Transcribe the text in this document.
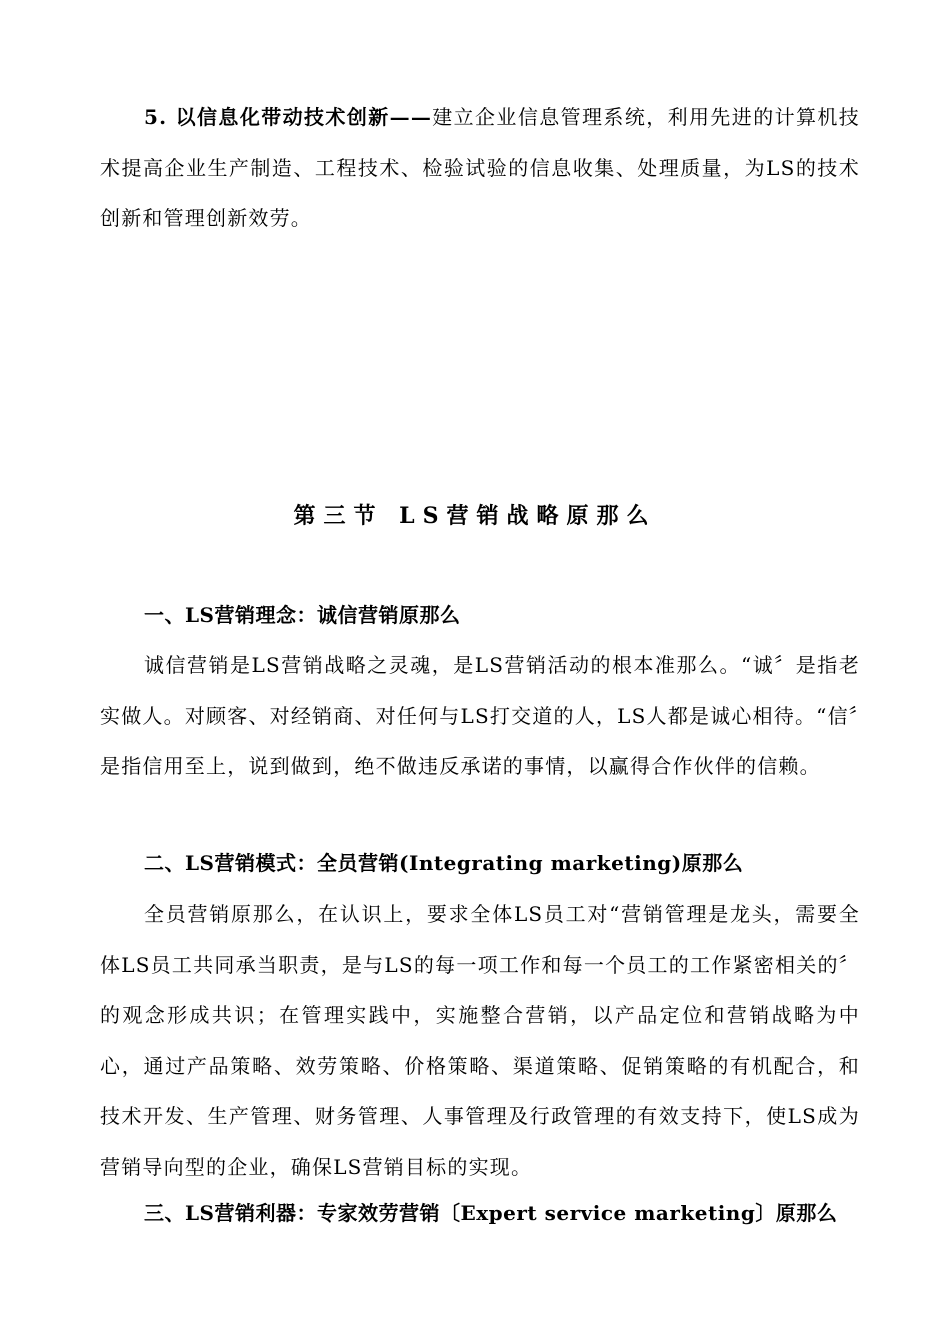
5. 以信息化带动技术创新——建立企业信息管理系统，利用先进的计算机技术提高企业生产制造、工程技术、检验试验的信息收集、处理质量，为LS的技术创新和管理创新效劳。

第三节 LS营销战略原那么
一、LS营销理念：诚信营销原那么

诚信营销是LS营销战略之灵魂，是LS营销活动的根本准那么。“诚〞是指老实做人。对顾客、对经销商、对任何与LS打交道的人，LS人都是诚心相待。“信〞是指信用至上，说到做到，绝不做违反承诺的事情，以赢得合作伙伴的信赖。

二、LS营销模式：全员营销(Integrating marketing)原那么

全员营销原那么，在认识上，要求全体LS员工对“营销管理是龙头，需要全体LS员工共同承当职责，是与LS的每一项工作和每一个员工的工作紧密相关的〞的观念形成共识；在管理实践中，实施整合营销，以产品定位和营销战略为中心，通过产品策略、效劳策略、价格策略、渠道策略、促销策略的有机配合，和技术开发、生产管理、财务管理、人事管理及行政管理的有效支持下，使LS成为营销导向型的企业，确保LS营销目标的实现。

三、LS营销利器：专家效劳营销〔Expert service marketing〕原那么
